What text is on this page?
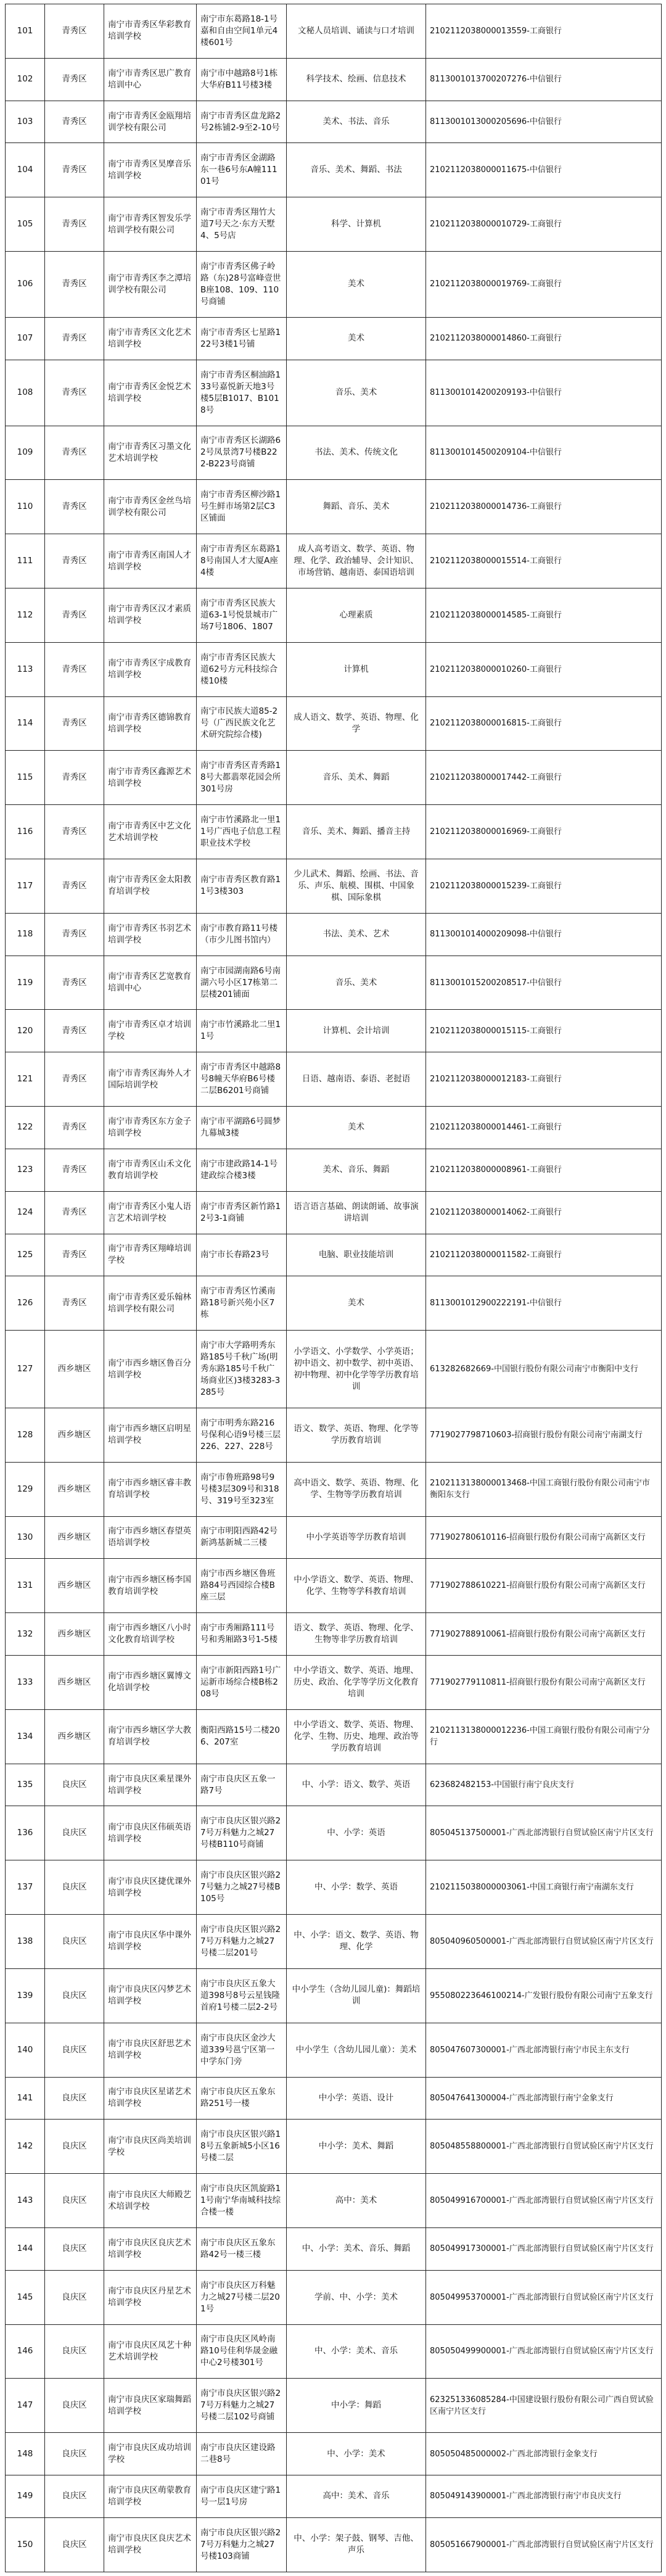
101	青秀区	南宁市青秀区华彩教育培训学校	南宁市东葛路18-1号嘉和自由空间1单元4楼601号	文秘人员培训、诵读与口才培训	2102112038000013559-工商银行
102	青秀区	南宁市青秀区思广教育培训中心	南宁市中越路8号1栋大华府B11号楼3楼	科学技术、绘画、信息技术	8113001013700207276-中信银行
103	青秀区	南宁市青秀区金瓯翔培训学校有限公司	南宁市青秀区盘龙路2号2栋铺2-9至2-10号	美术、书法、音乐	8113001013000205696-中信银行
104	青秀区	南宁市青秀区昊摩音乐培训学校	南宁市青秀区金湖路东一巷6号东A幢11101号	音乐、美术、舞蹈、书法	2102112038000011675-中信银行
105	青秀区	南宁市青秀区智发乐学培训学校有限公司	南宁市青秀区翔竹大道7号天之·东方天墅4、5号店	科学、计算机	2102112038000010729-工商银行
106	青秀区	南宁市青秀区李之潭培训学校有限公司	南宁市青秀区佛子岭路（东)28号富峰壹世B座108、109、110号商铺	美术	2102112038000019769-工商银行
107	青秀区	南宁市青秀区文化艺术培训学校	南宁市青秀区七星路122号3楼1号铺	美术	2102112038000014860-工商银行
108	青秀区	南宁市青秀区金悦艺术培训学校	南宁市青秀区桐油路133号嘉悦新天地3号楼5层B1017、B1018号	音乐、美术	8113001014200209193-中信银行
109	青秀区	南宁市青秀区习墨文化艺术培训学校	南宁市青秀区长湖路62号凤景湾7号楼B222-B223号商铺	书法、美术、传统文化	8113001014500209104-中信银行
110	青秀区	南宁市青秀区金丝鸟培训学校有限公司	南宁市青秀区柳沙路1号生鲜市场第2层C3区铺面	舞蹈、音乐、美术	2102112038000014736-工商银行
111	青秀区	南宁市青秀区南国人才培训学校	南宁市青秀区东葛路18号南国人才大厦A座4楼	成人高考语文、数学、英语、物理、化学、政治辅导、会计知识、市场营销、越南语、泰国语培训	2102112038000015514-工商银行
112	青秀区	南宁市青秀区汉才素质培训学校	南宁市青秀区民族大道63-1号悦景城市广场7号1806、1807	心理素质	2102112038000014585-工商银行
113	青秀区	南宁市青秀区宇成教育培训学校	南宁市青秀区民族大道62号方元科技综合楼10楼	计算机	2102112038000010260-工商银行
114	青秀区	南宁市青秀区德锦教育培训学校	南宁市民族大道85-2号（广西民族文化艺术研究院综合楼)	成人语文、数学、英语、物理、化学	2102112038000016815-工商银行
115	青秀区	南宁市青秀区鑫源艺术培训学校	南宁市青秀区青秀路18号大都翡翠花园会所301号房	音乐、美术、舞蹈	2102112038000017442-工商银行
116	青秀区	南宁市青秀区中艺文化艺术培训学校	南宁市竹溪路北一里11号广西电子信息工程职业技术学校	音乐、美术、舞蹈、播音主持	2102112038000016969-工商银行
117	青秀区	南宁市青秀区金太阳教育培训学校	南宁市青秀区教育路11号3楼303	少儿武术、舞蹈、绘画、书法、音乐、声乐、航模、围棋、中国象棋、国际象棋	2102112038000015239-工商银行
118	青秀区	南宁市青秀区书羽艺术培训学校	南宁市教育路11号楼（市少儿图书馆内）	书法、美术、艺术	8113001014000209098-中信银行
119	青秀区	南宁市青秀区艺宽教育培训中心	南宁市园湖南路6号南湖六号小区17栋第二层楼201铺面	音乐、美术	8113001015200208517-中信银行
120	青秀区	南宁市青秀区卓才培训学校	南宁市竹溪路北二里11号	计算机、会计培训	2102112038000015115-工商银行
121	青秀区	南宁市青秀区海外人才国际培训学校	南宁市青秀区中越路8号8幢天华府B6号楼二层B6201号商铺	日语、越南语、泰语、老挝语	2102112038000012183-工商银行
122	青秀区	南宁市青秀区东方金子培训学校	南宁市平湖路6号圆梦九幕城3楼	美术	2102112038000014461-工商银行
123	青秀区	南宁市青秀区山禾文化教育培训学校	南宁市建政路14-1号建政综合楼3楼	美术、音乐、舞蹈	2102112038000008961-工商银行
124	青秀区	南宁市青秀区小鬼人语言艺术培训学校	南宁市青秀区新竹路12号3-1商铺	语言语言基础、朗读朗诵、故事演讲培训	2102112038000014062-工商银行
125	青秀区	南宁市青秀区翔峰培训学校	南宁市长春路23号	电脑、职业技能培训	2102112038000011582-工商银行
126	青秀区	南宁市青秀区爱乐翰林培训学校有限公司	南宁市青秀区竹溪南路18号新兴苑小区7栋	美术	8113001012900222191-中信银行
127	西乡塘区	南宁市西乡塘区鲁百分培训学校	南宁市大学路明秀东路185号千秋广场(明秀东路185号千秋广场商业区)3楼3283-3285号	小学语文、小学数学、小学英语；初中语文、初中数学、初中英语、初中物理、初中化学等学历教育培训	613282682669-中国银行股份有限公司南宁市衡阳中支行
128	西乡塘区	南宁市西乡塘区启明星培训学校	南宁市明秀东路216号保利心语9号楼三层226、227、228号	语文、数学、英语、物理、化学等学历教育培训	771902779871060​3-招商银行股份有限公司南宁南湖支行
129	西乡塘区	南宁市西乡塘区睿丰教育培训学校	南宁市鲁班路98号9号楼3层309号和318号、319号至323室	高中语文、数学、英语、物理、化学、生物等学历教育培训	2102113138000013468-中国工商银行股份有限公司南宁市衡阳东支行
130	西乡塘区	南宁市西乡塘区春望英语培训学校	南宁市明阳西路42号新鸿基新城二三楼	中小学英语等学历教育培训	771902780610116-招商银行股份有限公司南宁高新区支行
131	西乡塘区	南宁市西乡塘区杨李国教育培训学校	南宁市西乡塘区鲁班路84号西园综合楼B座三层	中小学语文、数学、英语、物理、化学、生物等学科教育培训	771902788610221-招商银行股份有限公司南宁高新区支行
132	西乡塘区	南宁市西乡塘区八小时文化教育培训学校	南宁市秀厢路111号号和秀厢路3号1-5楼	语文、数学、英语、物理、化学、生物等非学历教育培训	771902788910061-招商银行股份有限公司南宁高新区支行
133	西乡塘区	南宁市西乡塘区翼博文化培训学校	南宁市新阳西路1号广运新市场综合楼B栋208号	中小学语文、数学、英语、地理、历史、政治、化学等学历文化教育培训	771902779110811-招商银行股份有限公司南宁高新区支行
134	西乡塘区	南宁市西乡塘区学大教育培训学校	衡阳西路15号二楼206、207室	中小学语文、数学、英语、物理、化学、生物、历史、地理、政治等学历教育培训	2102113138000012236-中国工商银行股份有限公司南宁分行
135	良庆区	南宁市良庆区乘星课外培训学校	南宁市良庆区五象一路7号	中、小学：语文、数学、英语	623682482153-中国银行南宁良庆支行
136	良庆区	南宁市良庆区伟硕英语培训学校	南宁市良庆区银兴路27号万科魅力之城27号楼B110号商铺	中、小学：英语	805045137500001-广西北部湾银行自贸试验区南宁片区支行
137	良庆区	南宁市良庆区捷优课外培训学校	南宁市良庆区银兴路27号魅力之城27号楼B105号	中、小学：数学、英语	2102115038000003061-中国工商银行南宁南湖东支行
138	良庆区	南宁市良庆区华中课外培训学校	南宁市良庆区银兴路27号万科魅力之城27号楼二层201号	中、小学：语文、数学、英语、物理、化学	805040960500001-广西北部湾银行自贸试验区南宁片区支行
139	良庆区	南宁市良庆区闪梦艺术培训学校	南宁市良庆区五象大道398号8号云星钱隆首府1号楼二层2-2号	中小学生（含幼儿园儿童)：舞蹈培训	955080223646100214-广发银行股份有限公司南宁五象支行
140	良庆区	南宁市良庆区舒思艺术培训学校	南宁市良庆区金沙大道339号邕宁区第一中学东门旁	中小学生（含幼儿园儿童）：美术	805047607300001-广西北部湾银行南宁市民主东支行
141	良庆区	南宁市良庆区星诺艺术培训学校	南宁市良庆区五象东路251号一楼	中小学：英语、设计	805047641300004-广西北部湾银行南宁金象支行
142	良庆区	南宁市良庆区尚美培训学校	南宁市良庆区银兴路18号五象新城5小区16号楼二层	中小学：美术、舞蹈	805048558800001-广西北部湾银行自贸试验区南宁片区支行
143	良庆区	南宁市良庆区大师殿艺术培训学校	南宁市良庆区凯旋路11号南宁华南城科技综合楼一楼	高中：美术	805049916700001-广西北部湾银行自贸试验区南宁片区支行
144	良庆区	南宁市良庆区良庆艺术培训学校	南宁市良庆区五象东路42号一楼三楼	中、小学：美术、音乐、舞蹈	805049917300001-广西北部湾银行自贸试验区南宁片区支行
145	良庆区	南宁市良庆区丹星艺术培训学校	南宁市良庆区万科魅力之城27号楼二层201号	学前、中、小学：美术	805049953700001-广西北部湾银行自贸试验区南宁片区支行
146	良庆区	南宁市良庆区凤艺十种艺术培训学校	南宁市良庆区风岭南路10号佳利华晟金融中心2号楼301号	中、小学：美术、音乐	805050499900001-广西北部湾银行自贸试验区南宁片区支行
147	良庆区	南宁市良庆区家瑞舞蹈培训学校	南宁市良庆区银兴路27号万科魅力之城27号楼二层102号商铺	中小学：舞蹈	623251336085284-中国建设银行股份有限公司广西自贸试验区南宁片区支行
148	良庆区	南宁市良庆区成功培训学校	南宁市良庆区建设路二巷8号	中、小学：美术	805050485000002-广西北部湾银行金象支行
149	良庆区	南宁市良庆区萌蒙教育培训学校	南宁市良庆区建宁路1号一层1号房	高中：美术、音乐	805049143900001-广西北部湾银行南宁市良庆支行
150	良庆区	南宁市良庆区良庆艺术培训学校	南宁市良庆区银兴路27号万科魅力之城27号楼103商铺	中、小学：架子鼓、钢琴、吉他、声乐	805051667900001-广西北部湾银行自贸试验区南宁片区支行
